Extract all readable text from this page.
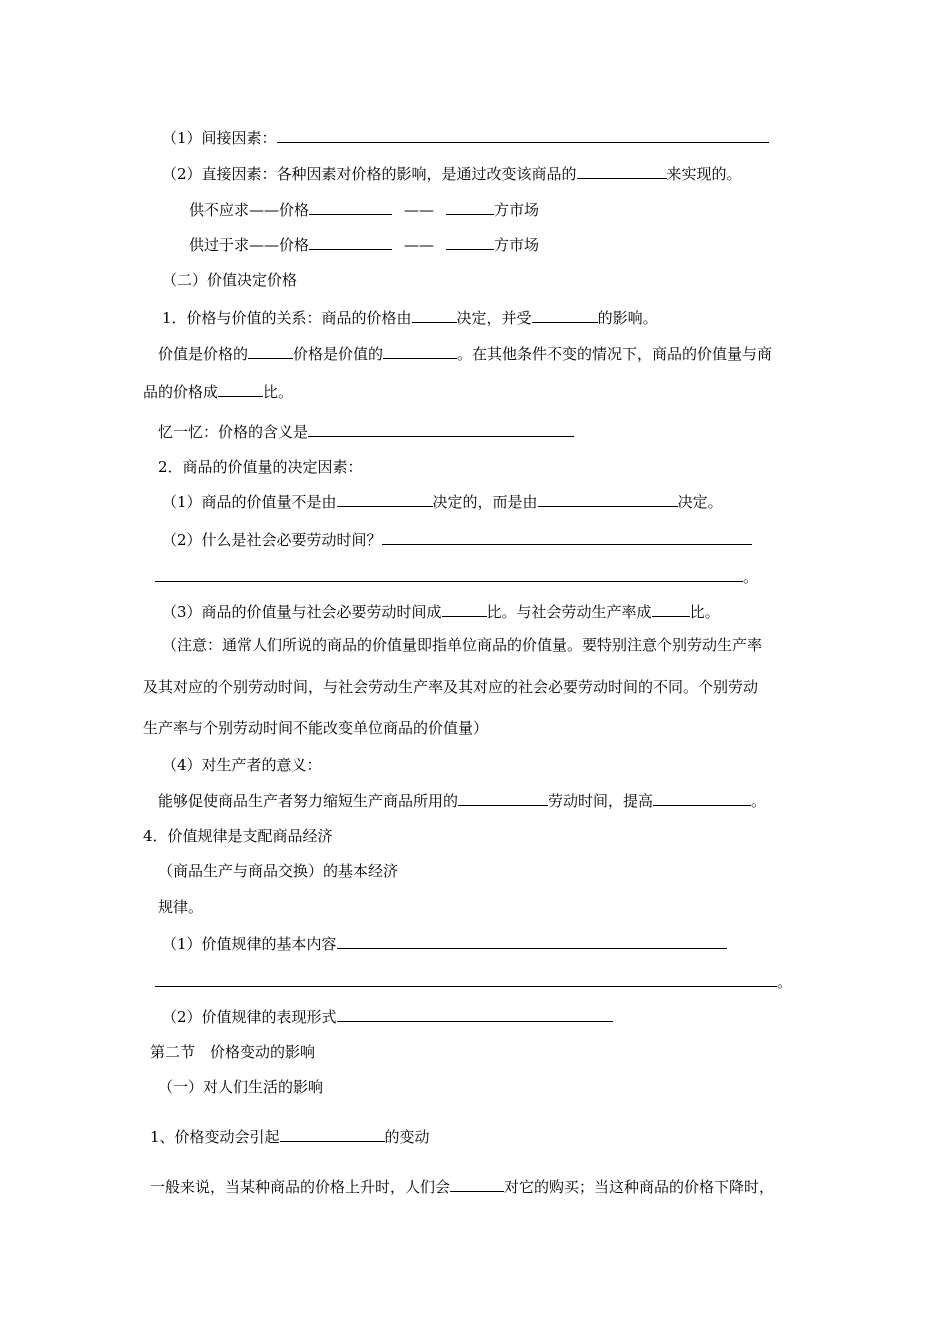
（1）间接因素：
（2）直接因素：各种因素对价格的影响，是通过改变该商品的	来实现的。
供不应求——价格	——	方市场
供过于求——价格	——	方市场
（二）价值决定价格
1．价格与价值的关系：商品的价格由	决定，并受	的影响。
价值是价格的	价格是价值的	。在其他条件不变的情况下，商品的价值量与商
品的价格成	比。
忆一忆：价格的含义是
2．商品的价值量的决定因素：
（1）商品的价值量不是由	决定的，而是由	决定。
（2）什么是社会必要劳动时间？
。
（3）商品的价值量与社会必要劳动时间成	比。与社会劳动生产率成	比。
（注意：通常人们所说的商品的价值量即指单位商品的价值量。要特别注意个别劳动生产率
及其对应的个别劳动时间，与社会劳动生产率及其对应的社会必要劳动时间的不同。个别劳动
生产率与个别劳动时间不能改变单位商品的价值量）
（4）对生产者的意义：
能够促使商品生产者努力缩短生产商品所用的	劳动时间，提高	。
4．价值规律是支配商品经济
（商品生产与商品交换）的基本经济
规律。
（1）价值规律的基本内容
。
（2）价值规律的表现形式
第二节　价格变动的影响
（一）对人们生活的影响
1、价格变动会引起	的变动
一般来说，当某种商品的价格上升时，人们会	对它的购买；当这种商品的价格下降时，
